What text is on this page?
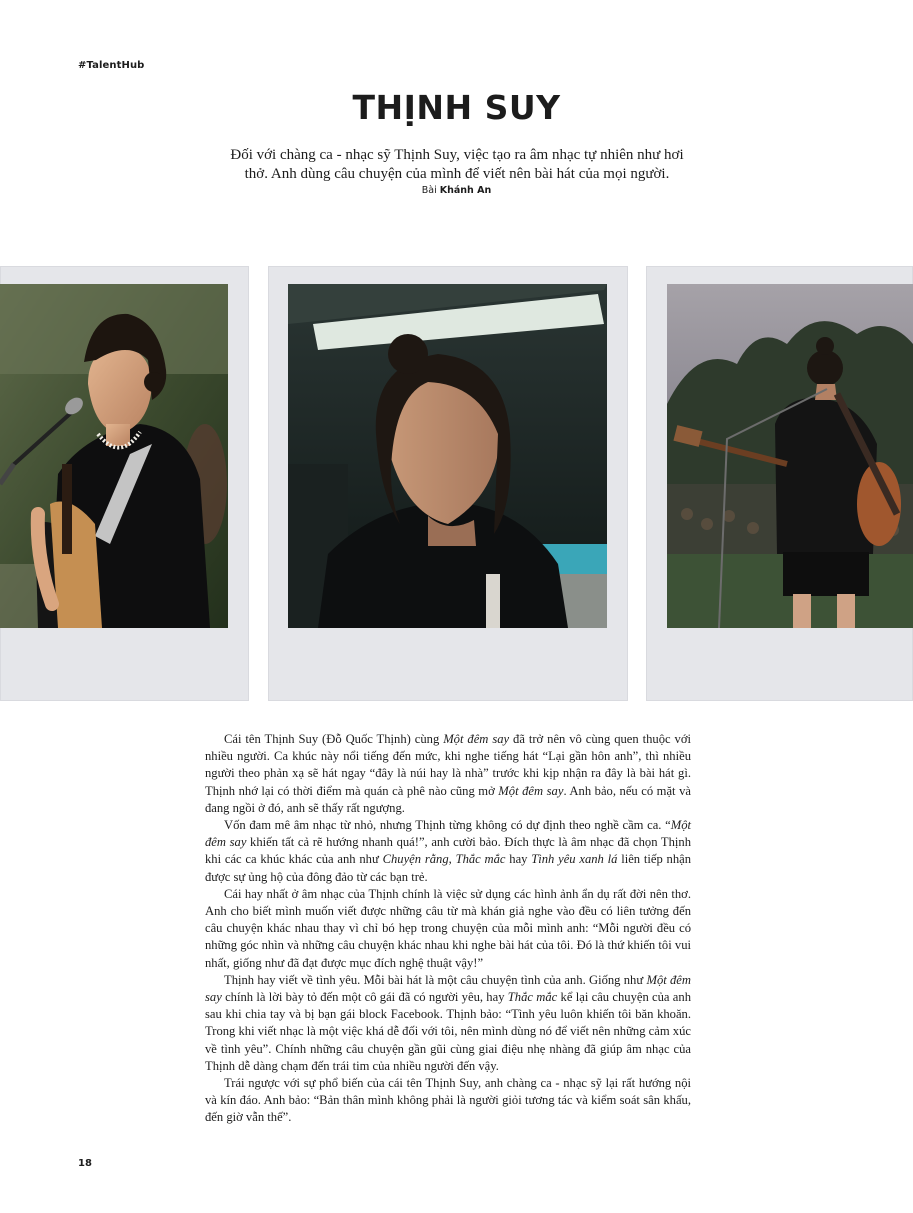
#TalentHub
THỊNH SUY

Đối với chàng ca - nhạc sỹ Thịnh Suy, việc tạo ra âm nhạc tự nhiên như hơi thở. Anh dùng câu chuyện của mình để viết nên bài hát của mọi người.

Bài Khánh An

Cái tên Thịnh Suy (Đỗ Quốc Thịnh) cùng Một đêm say đã trở nên vô cùng quen thuộc với nhiều người. Ca khúc này nổi tiếng đến mức, khi nghe tiếng hát “Lại gần hôn anh”, thì nhiều người theo phản xạ sẽ hát ngay “đây là núi hay là nhà” trước khi kịp nhận ra đây là bài hát gì. Thịnh nhớ lại có thời điểm mà quán cà phê nào cũng mở Một đêm say. Anh bảo, nếu có mặt và đang ngồi ở đó, anh sẽ thấy rất ngượng.

Vốn đam mê âm nhạc từ nhỏ, nhưng Thịnh từng không có dự định theo nghề cầm ca. “Một đêm say khiến tất cả rẽ hướng nhanh quá!”, anh cười bảo. Đích thực là âm nhạc đã chọn Thịnh khi các ca khúc khác của anh như Chuyện rằng, Thắc mắc hay Tình yêu xanh lá liên tiếp nhận được sự ủng hộ của đông đảo từ các bạn trẻ.

Cái hay nhất ở âm nhạc của Thịnh chính là việc sử dụng các hình ảnh ẩn dụ rất đời nên thơ. Anh cho biết mình muốn viết được những câu từ mà khán giả nghe vào đều có liên tưởng đến câu chuyện khác nhau thay vì chỉ bó hẹp trong chuyện của mỗi mình anh: “Mỗi người đều có những góc nhìn và những câu chuyện khác nhau khi nghe bài hát của tôi. Đó là thứ khiến tôi vui nhất, giống như đã đạt được mục đích nghệ thuật vậy!”

Thịnh hay viết về tình yêu. Mỗi bài hát là một câu chuyện tình của anh. Giống như Một đêm say chính là lời bày tỏ đến một cô gái đã có người yêu, hay Thắc mắc kể lại câu chuyện của anh sau khi chia tay và bị bạn gái block Facebook. Thịnh bảo: “Tình yêu luôn khiến tôi băn khoăn. Trong khi viết nhạc là một việc khá dễ đối với tôi, nên mình dùng nó để viết nên những cảm xúc về tình yêu”. Chính những câu chuyện gần gũi cùng giai điệu nhẹ nhàng đã giúp âm nhạc của Thịnh dễ dàng chạm đến trái tim của nhiều người đến vậy.

Trái ngược với sự phổ biến của cái tên Thịnh Suy, anh chàng ca - nhạc sỹ lại rất hướng nội và kín đáo. Anh bảo: “Bản thân mình không phải là người giỏi tương tác và kiểm soát sân khấu, đến giờ vẫn thế”.

18
